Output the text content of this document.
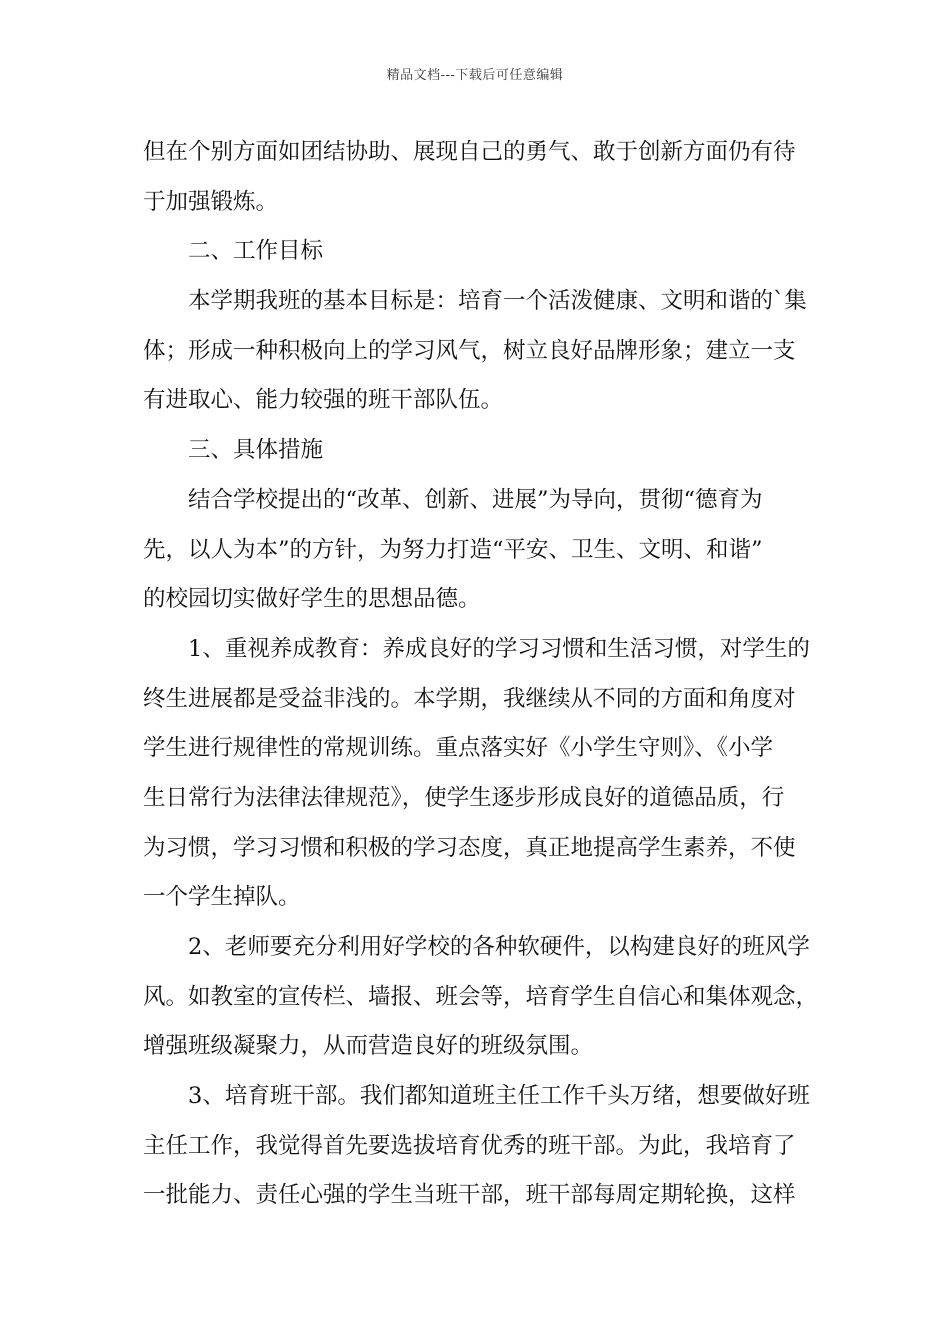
精品文档---下载后可任意编辑
但在个别方面如团结协助、展现自己的勇气、敢于创新方面仍有待
于加强锻炼。
二、工作目标
本学期我班的基本目标是：培育一个活泼健康、文明和谐的`集
体；形成一种积极向上的学习风气，树立良好品牌形象；建立一支
有进取心、能力较强的班干部队伍。
三、具体措施
结合学校提出的“改革、创新、进展”为导向，贯彻“德育为
先，以人为本”的方针，为努力打造“平安、卫生、文明、和谐”
的校园切实做好学生的思想品德。
1、重视养成教育：养成良好的学习习惯和生活习惯，对学生的
终生进展都是受益非浅的。本学期，我继续从不同的方面和角度对
学生进行规律性的常规训练。重点落实好《小学生守则》、《小学
生日常行为法律法律规范》，使学生逐步形成良好的道德品质，行
为习惯，学习习惯和积极的学习态度，真正地提高学生素养，不使
一个学生掉队。
2、老师要充分利用好学校的各种软硬件，以构建良好的班风学
风。如教室的宣传栏、墙报、班会等，培育学生自信心和集体观念，
增强班级凝聚力，从而营造良好的班级氛围。
3、培育班干部。我们都知道班主任工作千头万绪，想要做好班
主任工作，我觉得首先要选拔培育优秀的班干部。为此，我培育了
一批能力、责任心强的学生当班干部，班干部每周定期轮换，这样
